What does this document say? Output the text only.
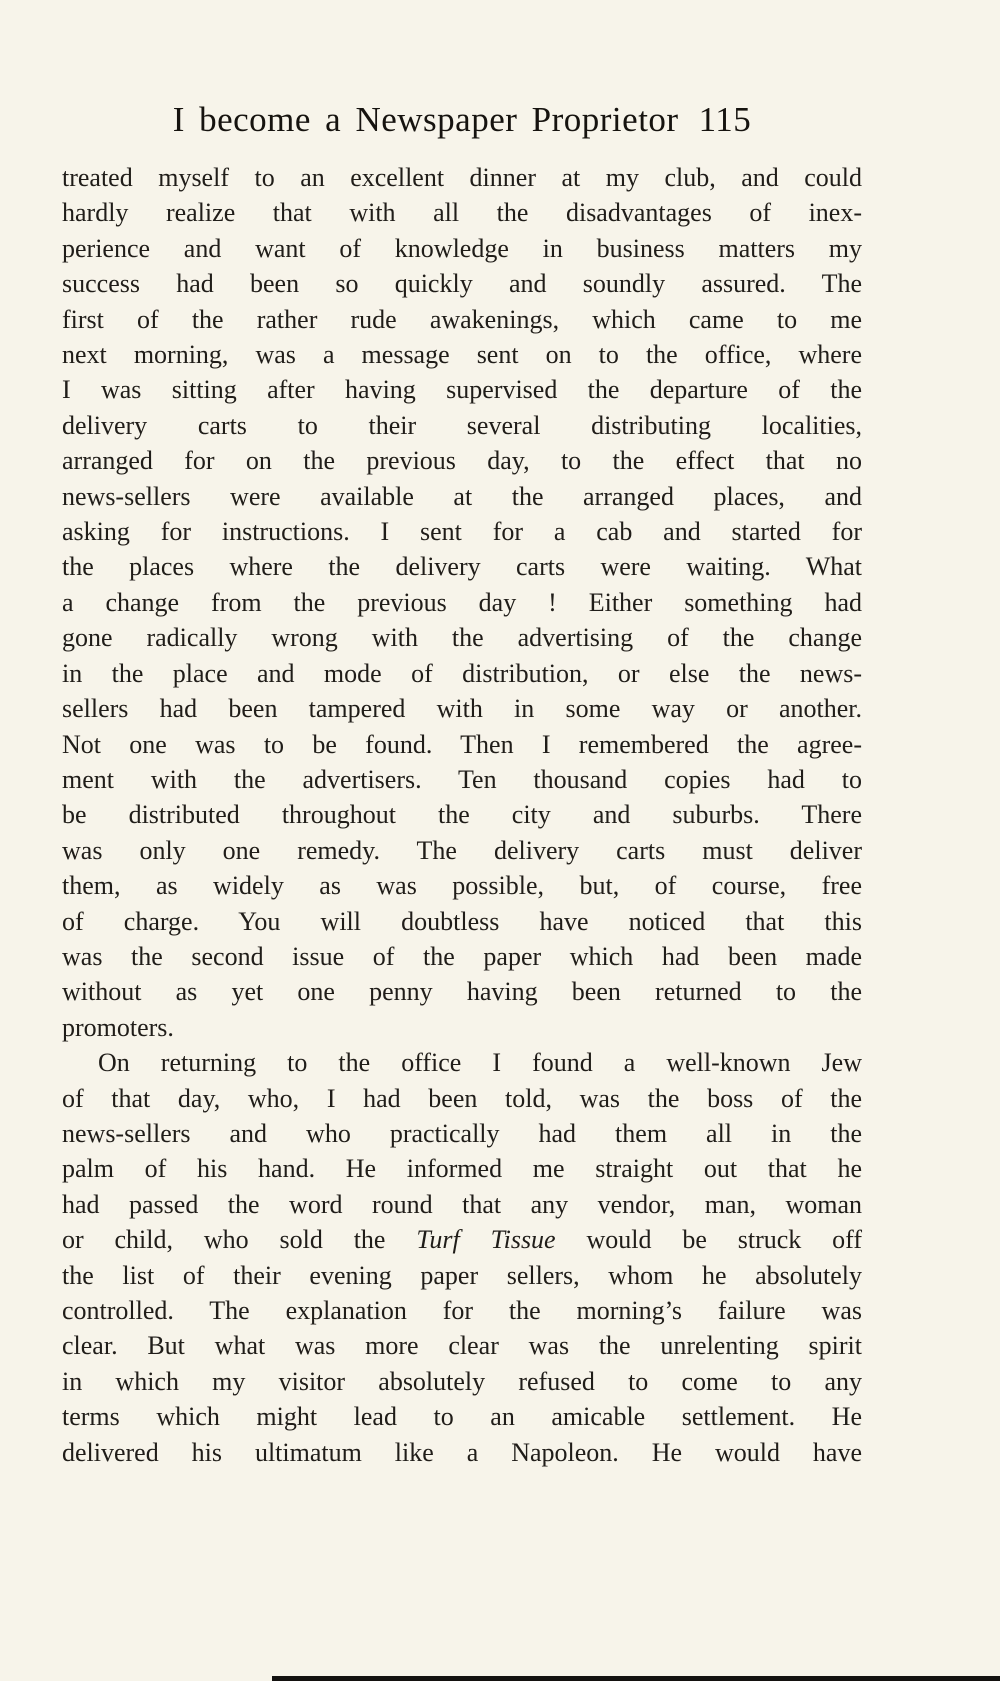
I become a Newspaper Proprietor 115
treated myself to an excellent dinner at my club, and could
hardly realize that with all the disadvantages of inex-
perience and want of knowledge in business matters my
success had been so quickly and soundly assured. The
first of the rather rude awakenings, which came to me
next morning, was a message sent on to the office, where
I was sitting after having supervised the departure of the
delivery carts to their several distributing localities,
arranged for on the previous day, to the effect that no
news-sellers were available at the arranged places, and
asking for instructions. I sent for a cab and started for
the places where the delivery carts were waiting. What
a change from the previous day ! Either something had
gone radically wrong with the advertising of the change
in the place and mode of distribution, or else the news-
sellers had been tampered with in some way or another.
Not one was to be found. Then I remembered the agree-
ment with the advertisers. Ten thousand copies had to
be distributed throughout the city and suburbs. There
was only one remedy. The delivery carts must deliver
them, as widely as was possible, but, of course, free
of charge. You will doubtless have noticed that this
was the second issue of the paper which had been made
without as yet one penny having been returned to the
promoters.
On returning to the office I found a well-known Jew
of that day, who, I had been told, was the boss of the
news-sellers and who practically had them all in the
palm of his hand. He informed me straight out that he
had passed the word round that any vendor, man, woman
or child, who sold the Turf Tissue would be struck off
the list of their evening paper sellers, whom he absolutely
controlled. The explanation for the morning’s failure was
clear. But what was more clear was the unrelenting spirit
in which my visitor absolutely refused to come to any
terms which might lead to an amicable settlement. He
delivered his ultimatum like a Napoleon. He would have
